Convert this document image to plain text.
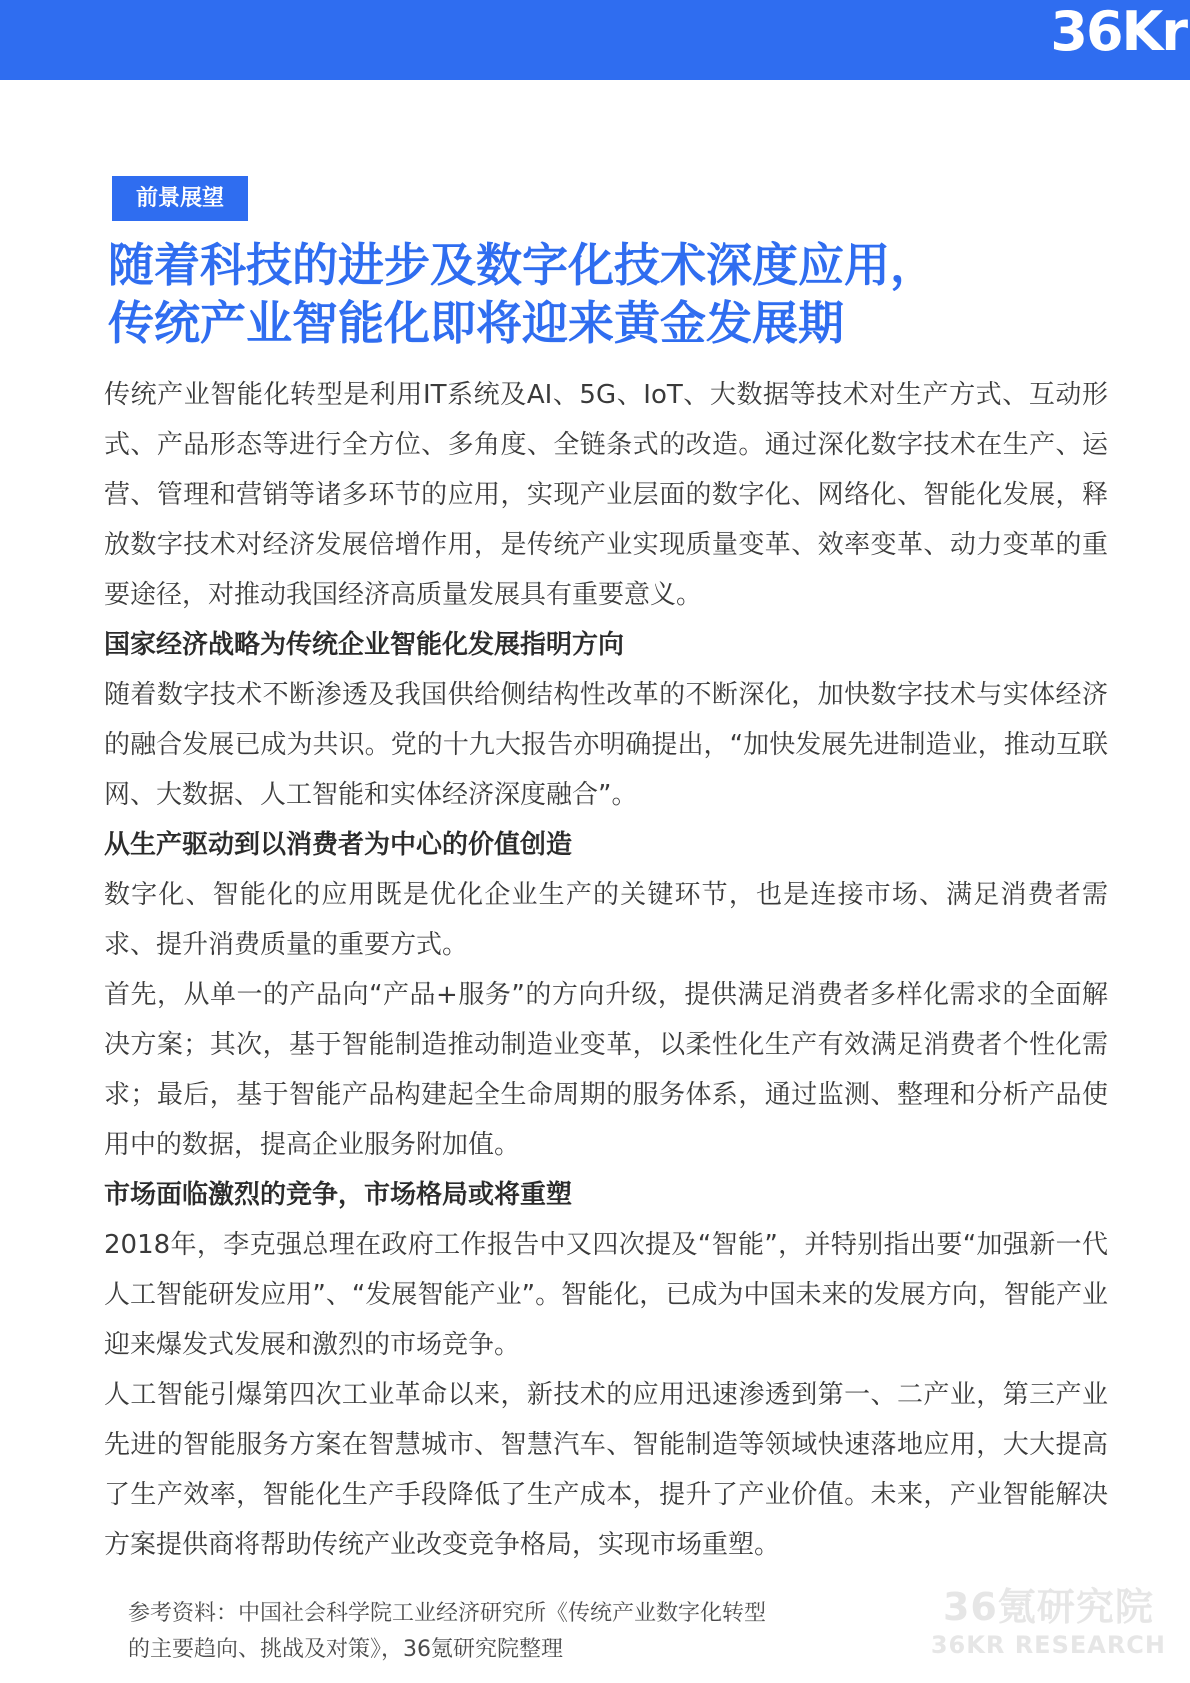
36Kr
前景展望
随着科技的进步及数字化技术深度应用，
传统产业智能化即将迎来黄金发展期

传统产业智能化转型是利用IT系统及AI、5G、IoT、大数据等技术对生产方式、互动形式、产品形态等进行全方位、多角度、全链条式的改造。通过深化数字技术在生产、运营、管理和营销等诸多环节的应用，实现产业层面的数字化、网络化、智能化发展，释放数字技术对经济发展倍增作用，是传统产业实现质量变革、效率变革、动力变革的重要途径，对推动我国经济高质量发展具有重要意义。

国家经济战略为传统企业智能化发展指明方向

随着数字技术不断渗透及我国供给侧结构性改革的不断深化，加快数字技术与实体经济的融合发展已成为共识。党的十九大报告亦明确提出，“加快发展先进制造业，推动互联网、大数据、人工智能和实体经济深度融合”。

从生产驱动到以消费者为中心的价值创造

数字化、智能化的应用既是优化企业生产的关键环节，也是连接市场、满足消费者需求、提升消费质量的重要方式。

首先，从单一的产品向“产品+服务”的方向升级，提供满足消费者多样化需求的全面解决方案；其次，基于智能制造推动制造业变革，以柔性化生产有效满足消费者个性化需求；最后，基于智能产品构建起全生命周期的服务体系，通过监测、整理和分析产品使用中的数据，提高企业服务附加值。

市场面临激烈的竞争，市场格局或将重塑

2018年，李克强总理在政府工作报告中又四次提及“智能”，并特别指出要“加强新一代人工智能研发应用”、“发展智能产业”。智能化，已成为中国未来的发展方向，智能产业迎来爆发式发展和激烈的市场竞争。

人工智能引爆第四次工业革命以来，新技术的应用迅速渗透到第一、二产业，第三产业先进的智能服务方案在智慧城市、智慧汽车、智能制造等领域快速落地应用，大大提高了生产效率，智能化生产手段降低了生产成本，提升了产业价值。未来，产业智能解决方案提供商将帮助传统产业改变竞争格局，实现市场重塑。

参考资料：中国社会科学院工业经济研究所《传统产业数字化转型的主要趋向、挑战及对策》，36氪研究院整理
36氪研究院
36KR RESEARCH
